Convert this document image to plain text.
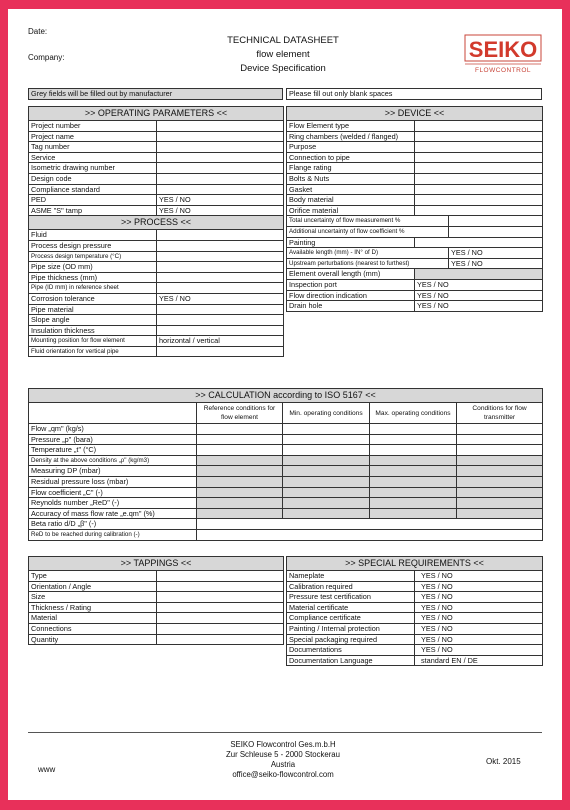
Date:
Company:
TECHNICAL DATASHEET
flow element
Device Specification
SEIKO
FLOWCONTROL
Grey fields will be filled out by manufacturer	Please fill out only blank spaces
>> OPERATING PARAMETERS <<	
Project number	
Project name	
Tag number	
Service	
Isometric drawing number	
Design code	
Compliance standard	
PED	YES / NO
ASME "S" tamp	YES / NO
>> PROCESS <<	
Fluid	
Process design pressure	
Process design temperature (°C)	
Pipe size (OD mm)	
Pipe thickness (mm)	
Pipe (ID mm) in reference sheet	
Corrosion tolerance	YES / NO
Pipe material	
Slope angle	
Insulation thickness	
Mounting position for flow element	horizontal / vertical
Fluid orientation for vertical pipe	
>> DEVICE <<		
Flow Element type		
Ring chambers (welded / flanged)		
Purpose		
Connection to pipe		
Flange rating		
Bolts & Nuts		
Gasket		
Body material		
Orifice material		
Total uncertainty of flow measurement %		
Additional uncertainty of flow coefficient %		
Painting		
Available length (mm) - IN° of D)		YES / NO
Upstream perturbations (nearest to furthest)		YES / NO
Element overall length (mm)		
Inspection port	YES / NO	
Flow direction indication	YES / NO	
Drain hole	YES / NO	
>> CALCULATION according to ISO 5167 <<				
	Reference conditions for flow element	Min. operating conditions	Max. operating conditions	Conditions for flow transmitter
Flow „qm" (kg/s)				
Pressure „p" (bara)				
Temperature „t" (°C)				
Density at the above conditions „ρ" (kg/m3)				
Measuring DP (mbar)				
Residual pressure loss (mbar)				
Flow coefficient „C" (-)				
Reynolds number „ReD" (-)				
Accuracy of mass flow rate „e.qm" (%)				
Beta ratio d/D „β" (-)				
ReD to be reached during calibration (-)				
>> TAPPINGS <<	
Type	
Orientation / Angle	
Size	
Thickness / Rating	
Material	
Connections	
Quantity	
>> SPECIAL REQUIREMENTS <<	
Nameplate	YES / NO
Calibration required	YES / NO
Pressure test certification	YES / NO
Material certificate	YES / NO
Compliance certificate	YES / NO
Painting / Internal protection	YES / NO
Special packaging required	YES / NO
Documentations	YES / NO
Documentation Language	standard EN / DE
SEIKO Flowcontrol Ges.m.b.H
Zur Schleuse 5 - 2000 Stockerau
Austria
office@seiko-flowcontrol.com
www
Okt. 2015
